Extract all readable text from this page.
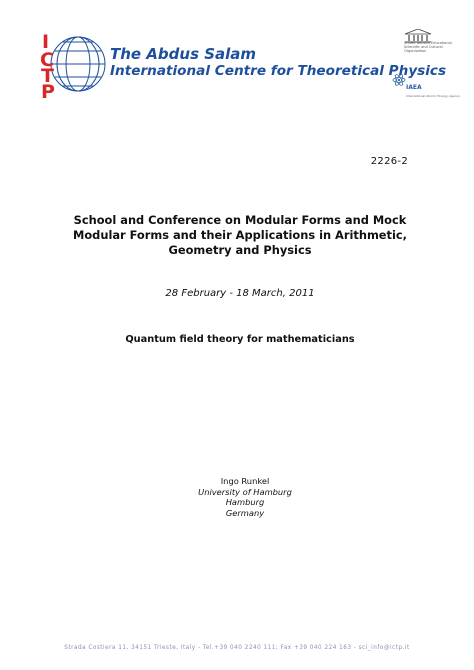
I
C
T
P
The Abdus Salam
International Centre for Theoretical Physics
United Nations Educational, Scientific and Cultural Organization
IAEA
International Atomic Energy Agency
2226-2
School and Conference on Modular Forms and Mock Modular Forms and their Applications in Arithmetic, Geometry and Physics
28 February - 18 March, 2011
Quantum field theory for mathematicians
Ingo Runkel
University of Hamburg
Hamburg
Germany
Strada Costiera 11, 34151 Trieste, Italy - Tel.+39 040 2240 111; Fax +39 040 224 163 - sci_info@ictp.it
